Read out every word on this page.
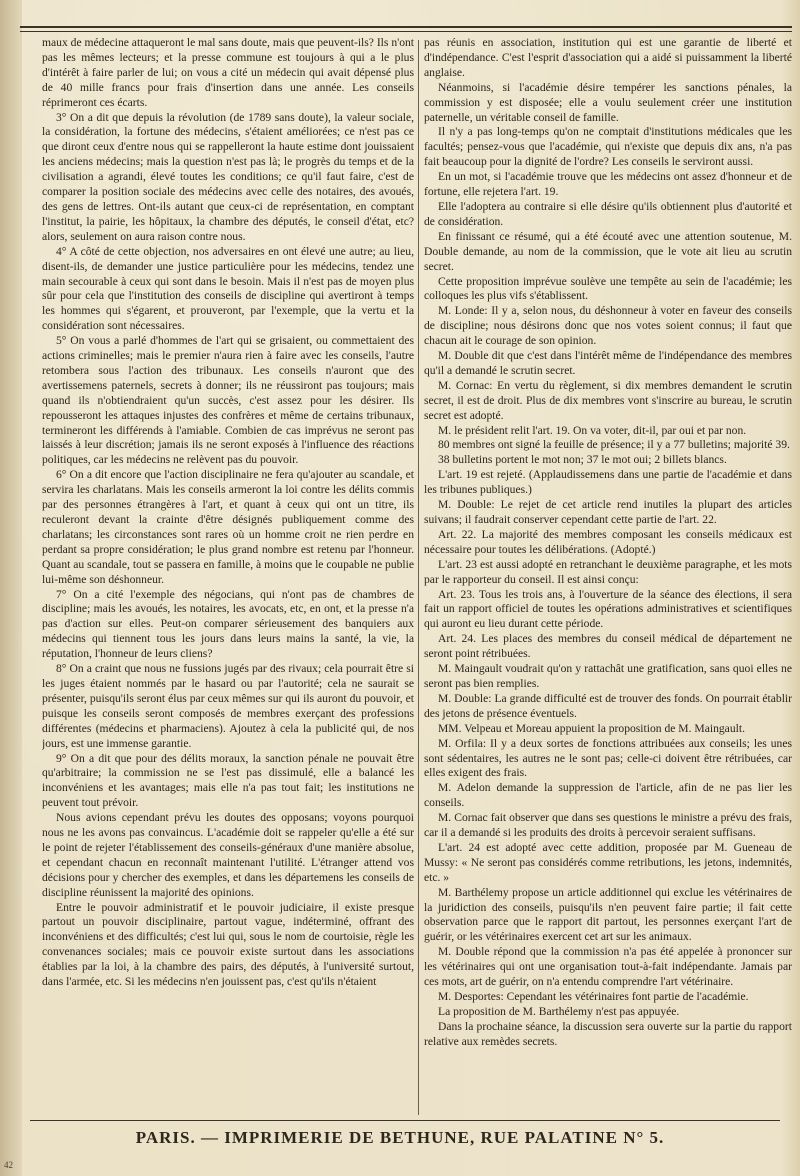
maux de médecine attaqueront le mal sans doute, mais que peuvent-ils? Ils n'ont pas les mêmes lecteurs; et la presse commune est toujours à qui a le plus d'intérêt à faire parler de lui; on vous a cité un médecin qui avait dépensé plus de 40 mille francs pour frais d'insertion dans une année. Les conseils réprimeront ces écarts.

3° On a dit que depuis la révolution (de 1789 sans doute), la valeur sociale, la considération, la fortune des médecins, s'étaient améliorées; ce n'est pas ce que diront ceux d'entre nous qui se rappelleront la haute estime dont jouissaient les anciens médecins; mais la question n'est pas là; le progrès du temps et de la civilisation a agrandi, élevé toutes les conditions; ce qu'il faut faire, c'est de comparer la position sociale des médecins avec celle des notaires, des avoués, des gens de lettres. Ont-ils autant que ceux-ci de représentation, en comptant l'institut, la pairie, les hôpitaux, la chambre des députés, le conseil d'état, etc? alors, seulement on aura raison contre nous.

4° A côté de cette objection, nos adversaires en ont élevé une autre; au lieu, disent-ils, de demander une justice particulière pour les médecins, tendez une main secourable à ceux qui sont dans le besoin. Mais il n'est pas de moyen plus sûr pour cela que l'institution des conseils de discipline qui avertiront à temps les hommes qui s'égarent, et prouveront, par l'exemple, que la vertu et la considération sont nécessaires.

5° On vous a parlé d'hommes de l'art qui se grisaient, ou commettaient des actions criminelles; mais le premier n'aura rien à faire avec les conseils, l'autre retombera sous l'action des tribunaux. Les conseils n'auront que des avertissemens paternels, secrets à donner; ils ne réussiront pas toujours; mais quand ils n'obtiendraient qu'un succès, c'est assez pour les désirer. Ils repousseront les attaques injustes des confrères et même de certains tribunaux, termineront les différends à l'amiable. Combien de cas imprévus ne seront pas laissés à leur discrétion; jamais ils ne seront exposés à l'influence des réactions politiques, car les médecins ne relèvent pas du pouvoir.

6° On a dit encore que l'action disciplinaire ne fera qu'ajouter au scandale, et servira les charlatans. Mais les conseils armeront la loi contre les délits commis par des personnes étrangères à l'art, et quant à ceux qui ont un titre, ils reculeront devant la crainte d'être désignés publiquement comme des charlatans; les circonstances sont rares où un homme croit ne rien perdre en perdant sa propre considération; le plus grand nombre est retenu par l'honneur. Quant au scandale, tout se passera en famille, à moins que le coupable ne publie lui-même son déshonneur.

7° On a cité l'exemple des négocians, qui n'ont pas de chambres de discipline; mais les avoués, les notaires, les avocats, etc, en ont, et la presse n'a pas d'action sur elles. Peut-on comparer sérieusement des banquiers aux médecins qui tiennent tous les jours dans leurs mains la santé, la vie, la réputation, l'honneur de leurs cliens?

8° On a craint que nous ne fussions jugés par des rivaux; cela pourrait être si les juges étaient nommés par le hasard ou par l'autorité; cela ne saurait se présenter, puisqu'ils seront élus par ceux mêmes sur qui ils auront du pouvoir, et puisque les conseils seront composés de membres exerçant des professions différentes (médecins et pharmaciens). Ajoutez à cela la publicité qui, de nos jours, est une immense garantie.

9° On a dit que pour des délits moraux, la sanction pénale ne pouvait être qu'arbitraire; la commission ne se l'est pas dissimulé, elle a balancé les inconvéniens et les avantages; mais elle n'a pas tout fait; les institutions ne peuvent tout prévoir.

Nous avions cependant prévu les doutes des opposans; voyons pourquoi nous ne les avons pas convaincus. L'académie doit se rappeler qu'elle a été sur le point de rejeter l'établissement des conseils-généraux d'une manière absolue, et cependant chacun en reconnaît maintenant l'utilité. L'étranger attend vos décisions pour y chercher des exemples, et dans les départemens les conseils de discipline réunissent la majorité des opinions.

Entre le pouvoir administratif et le pouvoir judiciaire, il existe presque partout un pouvoir disciplinaire, partout vague, indéterminé, offrant des inconvéniens et des difficultés; c'est lui qui, sous le nom de courtoisie, règle les convenances sociales; mais ce pouvoir existe surtout dans les associations établies par la loi, à la chambre des pairs, des députés, à l'université surtout, dans l'armée, etc. Si les médecins n'en jouissent pas, c'est qu'ils n'étaient

pas réunis en association, institution qui est une garantie de liberté et d'indépendance. C'est l'esprit d'association qui a aidé si puissamment la liberté anglaise.

Néanmoins, si l'académie désire tempérer les sanctions pénales, la commission y est disposée; elle a voulu seulement créer une institution paternelle, un véritable conseil de famille.

Il n'y a pas long-temps qu'on ne comptait d'institutions médicales que les facultés; pensez-vous que l'académie, qui n'existe que depuis dix ans, n'a pas fait beaucoup pour la dignité de l'ordre? Les conseils le serviront aussi.

En un mot, si l'académie trouve que les médecins ont assez d'honneur et de fortune, elle rejetera l'art. 19.

Elle l'adoptera au contraire si elle désire qu'ils obtiennent plus d'autorité et de considération.

En finissant ce résumé, qui a été écouté avec une attention soutenue, M. Double demande, au nom de la commission, que le vote ait lieu au scrutin secret.

Cette proposition imprévue soulève une tempête au sein de l'académie; les colloques les plus vifs s'établissent.

M. Londe: Il y a, selon nous, du déshonneur à voter en faveur des conseils de discipline; nous désirons donc que nos votes soient connus; il faut que chacun ait le courage de son opinion.

M. Double dit que c'est dans l'intérêt même de l'indépendance des membres qu'il a demandé le scrutin secret.

M. Cornac: En vertu du règlement, si dix membres demandent le scrutin secret, il est de droit. Plus de dix membres vont s'inscrire au bureau, le scrutin secret est adopté.

M. le président relit l'art. 19. On va voter, dit-il, par oui et par non.

80 membres ont signé la feuille de présence; il y a 77 bulletins; majorité 39.

38 bulletins portent le mot non; 37 le mot oui; 2 billets blancs.

L'art. 19 est rejeté. (Applaudissemens dans une partie de l'académie et dans les tribunes publiques.)

M. Double: Le rejet de cet article rend inutiles la plupart des articles suivans; il faudrait conserver cependant cette partie de l'art. 22.

Art. 22. La majorité des membres composant les conseils médicaux est nécessaire pour toutes les délibérations. (Adopté.)

L'art. 23 est aussi adopté en retranchant le deuxième paragraphe, et les mots par le rapporteur du conseil. Il est ainsi conçu:

Art. 23. Tous les trois ans, à l'ouverture de la séance des élections, il sera fait un rapport officiel de toutes les opérations administratives et scientifiques qui auront eu lieu durant cette période.

Art. 24. Les places des membres du conseil médical de département ne seront point rétribuées.

M. Maingault voudrait qu'on y rattachât une gratification, sans quoi elles ne seront pas bien remplies.

M. Double: La grande difficulté est de trouver des fonds. On pourrait établir des jetons de présence éventuels.

MM. Velpeau et Moreau appuient la proposition de M. Maingault.

M. Orfila: Il y a deux sortes de fonctions attribuées aux conseils; les unes sont sédentaires, les autres ne le sont pas; celle-ci doivent être rétribuées, car elles exigent des frais.

M. Adelon demande la suppression de l'article, afin de ne pas lier les conseils.

M. Cornac fait observer que dans ses questions le ministre a prévu des frais, car il a demandé si les produits des droits à percevoir seraient suffisans.

L'art. 24 est adopté avec cette addition, proposée par M. Gueneau de Mussy: « Ne seront pas considérés comme retributions, les jetons, indemnités, etc. »

M. Barthélemy propose un article additionnel qui exclue les vétérinaires de la juridiction des conseils, puisqu'ils n'en peuvent faire partie; il fait cette observation parce que le rapport dit partout, les personnes exerçant l'art de guérir, or les vétérinaires exercent cet art sur les animaux.

M. Double répond que la commission n'a pas été appelée à prononcer sur les vétérinaires qui ont une organisation tout-à-fait indépendante. Jamais par ces mots, art de guérir, on n'a entendu comprendre l'art vétérinaire.

M. Desportes: Cependant les vétérinaires font partie de l'académie.

La proposition de M. Barthélemy n'est pas appuyée.

Dans la prochaine séance, la discussion sera ouverte sur la partie du rapport relative aux remèdes secrets.

PARIS. — IMPRIMERIE DE BETHUNE, RUE PALATINE N° 5.
42
